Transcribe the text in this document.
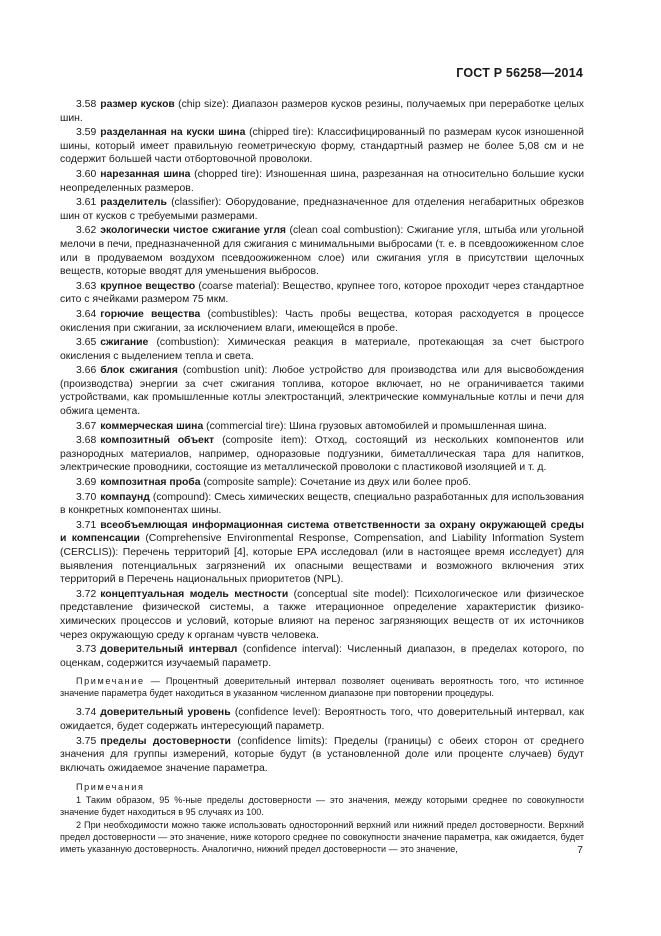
ГОСТ Р 56258—2014
3.58 размер кусков (chip size): Диапазон размеров кусков резины, получаемых при переработке целых шин.
3.59 разделанная на куски шина (chipped tire): Классифицированный по размерам кусок изношенной шины, который имеет правильную геометрическую форму, стандартный размер не более 5,08 см и не содержит большей части отбортовочной проволоки.
3.60 нарезанная шина (chopped tire): Изношенная шина, разрезанная на относительно большие куски неопределенных размеров.
3.61 разделитель (classifier): Оборудование, предназначенное для отделения негабаритных обрезков шин от кусков с требуемыми размерами.
3.62 экологически чистое сжигание угля (clean coal combustion): Сжигание угля, штыба или угольной мелочи в печи, предназначенной для сжигания с минимальными выбросами (т. е. в псевдоожиженном слое или в продуваемом воздухом псевдоожиженном слое) или сжигания угля в присутствии щелочных веществ, которые вводят для уменьшения выбросов.
3.63 крупное вещество (coarse material): Вещество, крупнее того, которое проходит через стандартное сито с ячейками размером 75 мкм.
3.64 горючие вещества (combustibles): Часть пробы вещества, которая расходуется в процессе окисления при сжигании, за исключением влаги, имеющейся в пробе.
3.65 сжигание (combustion): Химическая реакция в материале, протекающая за счет быстрого окисления с выделением тепла и света.
3.66 блок сжигания (combustion unit): Любое устройство для производства или для высвобождения (производства) энергии за счет сжигания топлива, которое включает, но не ограничивается такими устройствами, как промышленные котлы электростанций, электрические коммунальные котлы и печи для обжига цемента.
3.67 коммерческая шина (commercial tire): Шина грузовых автомобилей и промышленная шина.
3.68 композитный объект (composite item): Отход, состоящий из нескольких компонентов или разнородных материалов, например, одноразовые подгузники, биметаллическая тара для напитков, электрические проводники, состоящие из металлической проволоки с пластиковой изоляцией и т. д.
3.69 композитная проба (composite sample): Сочетание из двух или более проб.
3.70 компаунд (compound): Смесь химических веществ, специально разработанных для использования в конкретных компонентах шины.
3.71 всеобъемлющая информационная система ответственности за охрану окружающей среды и компенсации (Comprehensive Environmental Response, Compensation, and Liability Information System (CERCLIS)): Перечень территорий [4], которые EPA исследовал (или в настоящее время исследует) для выявления потенциальных загрязнений их опасными веществами и возможного включения этих территорий в Перечень национальных приоритетов (NPL).
3.72 концептуальная модель местности (conceptual site model): Психологическое или физическое представление физической системы, а также итерационное определение характеристик физико-химических процессов и условий, которые влияют на перенос загрязняющих веществ от их источников через окружающую среду к органам чувств человека.
3.73 доверительный интервал (confidence interval): Численный диапазон, в пределах которого, по оценкам, содержится изучаемый параметр.
Примечание — Процентный доверительный интервал позволяет оценивать вероятность того, что истинное значение параметра будет находиться в указанном численном диапазоне при повторении процедуры.
3.74 доверительный уровень (confidence level): Вероятность того, что доверительный интервал, как ожидается, будет содержать интересующий параметр.
3.75 пределы достоверности (confidence limits): Пределы (границы) с обеих сторон от среднего значения для группы измерений, которые будут (в установленной доле или проценте случаев) будут включать ожидаемое значение параметра.
Примечания
1 Таким образом, 95 %-ные пределы достоверности — это значения, между которыми среднее по совокупности значение будет находиться в 95 случаях из 100.
2 При необходимости можно также использовать односторонний верхний или нижний предел достоверности. Верхний предел достоверности — это значение, ниже которого среднее по совокупности значение параметра, как ожидается, будет иметь указанную достоверность. Аналогично, нижний предел достоверности — это значение,	7
